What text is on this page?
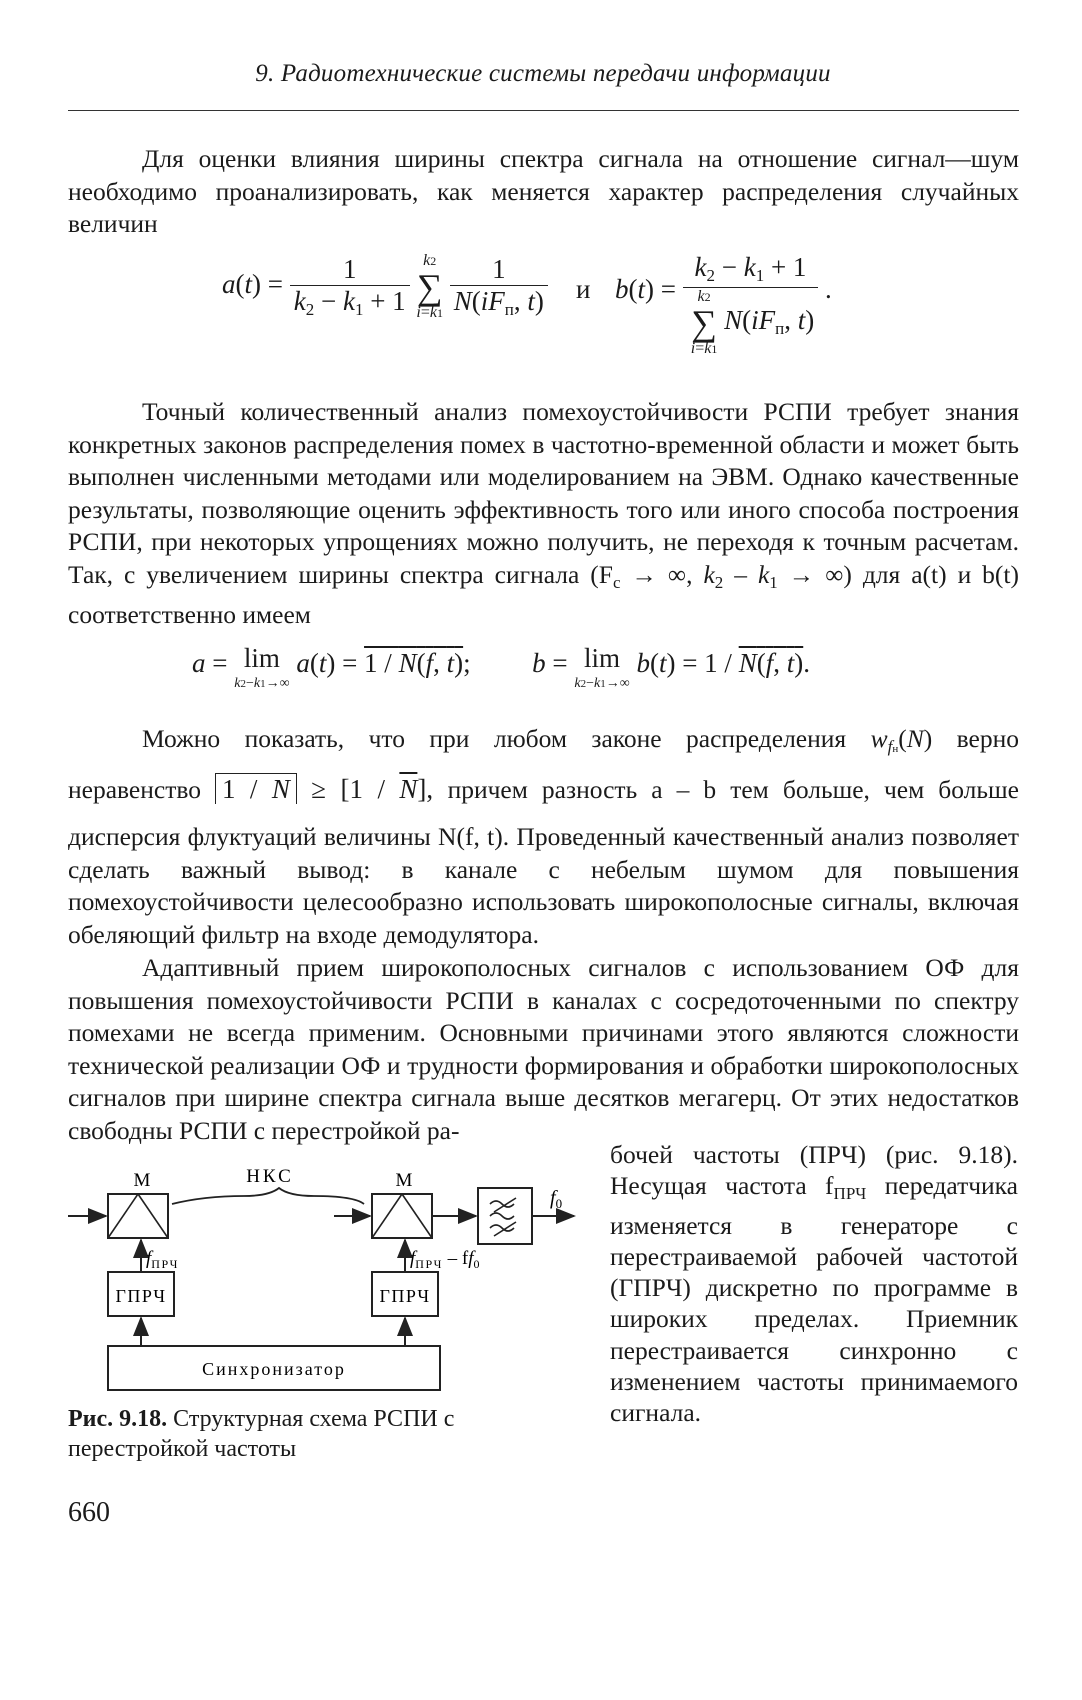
9. Радиотехнические системы передачи информации

Для оценки влияния ширины спектра сигнала на отношение сигнал—шум необходимо проанализировать, как меняется характер распределения случайных величин

$a(t) = \frac{1}{k_2 - k_1 + 1}$
k2
∑
i=k1
$\frac{1}{N(iF_п, t)}$ и $b(t) = k_2 - k_1 + 1$
k2
∑
i=k1
$N(iF_п$, t) .

Точный количественный анализ помехоустойчивости РСПИ требует знания конкретных законов распределения помех в частотно-временной области и может быть выполнен численными методами или моделированием на ЭВМ. Однако качественные результаты, позволяющие оценить эффективность того или иного способа построения РСПИ, при некоторых упрощениях можно получить, не переходя к точным расчетам. Так, с увеличением ширины спектра сигнала ($F_с$ → ∞, $k_2 - k_1$ → ∞) для a(t) и b(t) соответственно имеем

a = lim
k2−k1→∞
a(t) = 1 / N(f, t);  b = lim
k2−k1→∞
b(t) = 1 / N(f, t).

Можно показать, что при любом законе распределения $w_{fн}(N)$ верно

неравенство $1 / N \ge [1 / \overline{N}]$, причем разность a – b тем больше, чем больше

дисперсия флуктуаций величины N(f, t). Проведенный качественный анализ позволяет сделать важный вывод: в канале с небелым шумом для повышения помехоустойчивости целесообразно использовать широкополосные сигналы, включая обеляющий фильтр на входе демодулятора.

Адаптивный прием широкополосных сигналов с использованием ОФ для повышения помехоустойчивости РСПИ в каналах с сосредоточенными по спектру помехами не всегда применим. Основными причинами этого являются сложности технической реализации ОФ и трудности формирования и обработки широкополосных сигналов при ширине спектра сигнала выше десятков мегагерц. От этих недостатков свободны РСПИ с перестройкой ра-

бочей частоты (ПРЧ) (рис. 9.18). Несущая частота $f_{ПРЧ}$ передатчика изменяется в генераторе с перестраиваемой рабочей частотой (ГПРЧ) дискретно по программе в широких пределах. Приемник перестраивается синхронно с изменением частоты принимаемого сигнала.

М	НКС	М
$f_0$
ГПРЧ	ГПРЧ
$f_{ПРЧ}$	$f_{ПРЧ} - ff_0$
Синхронизатор
Рис. 9.18. Структурная схема РСПИ с перестройкой частоты
660
